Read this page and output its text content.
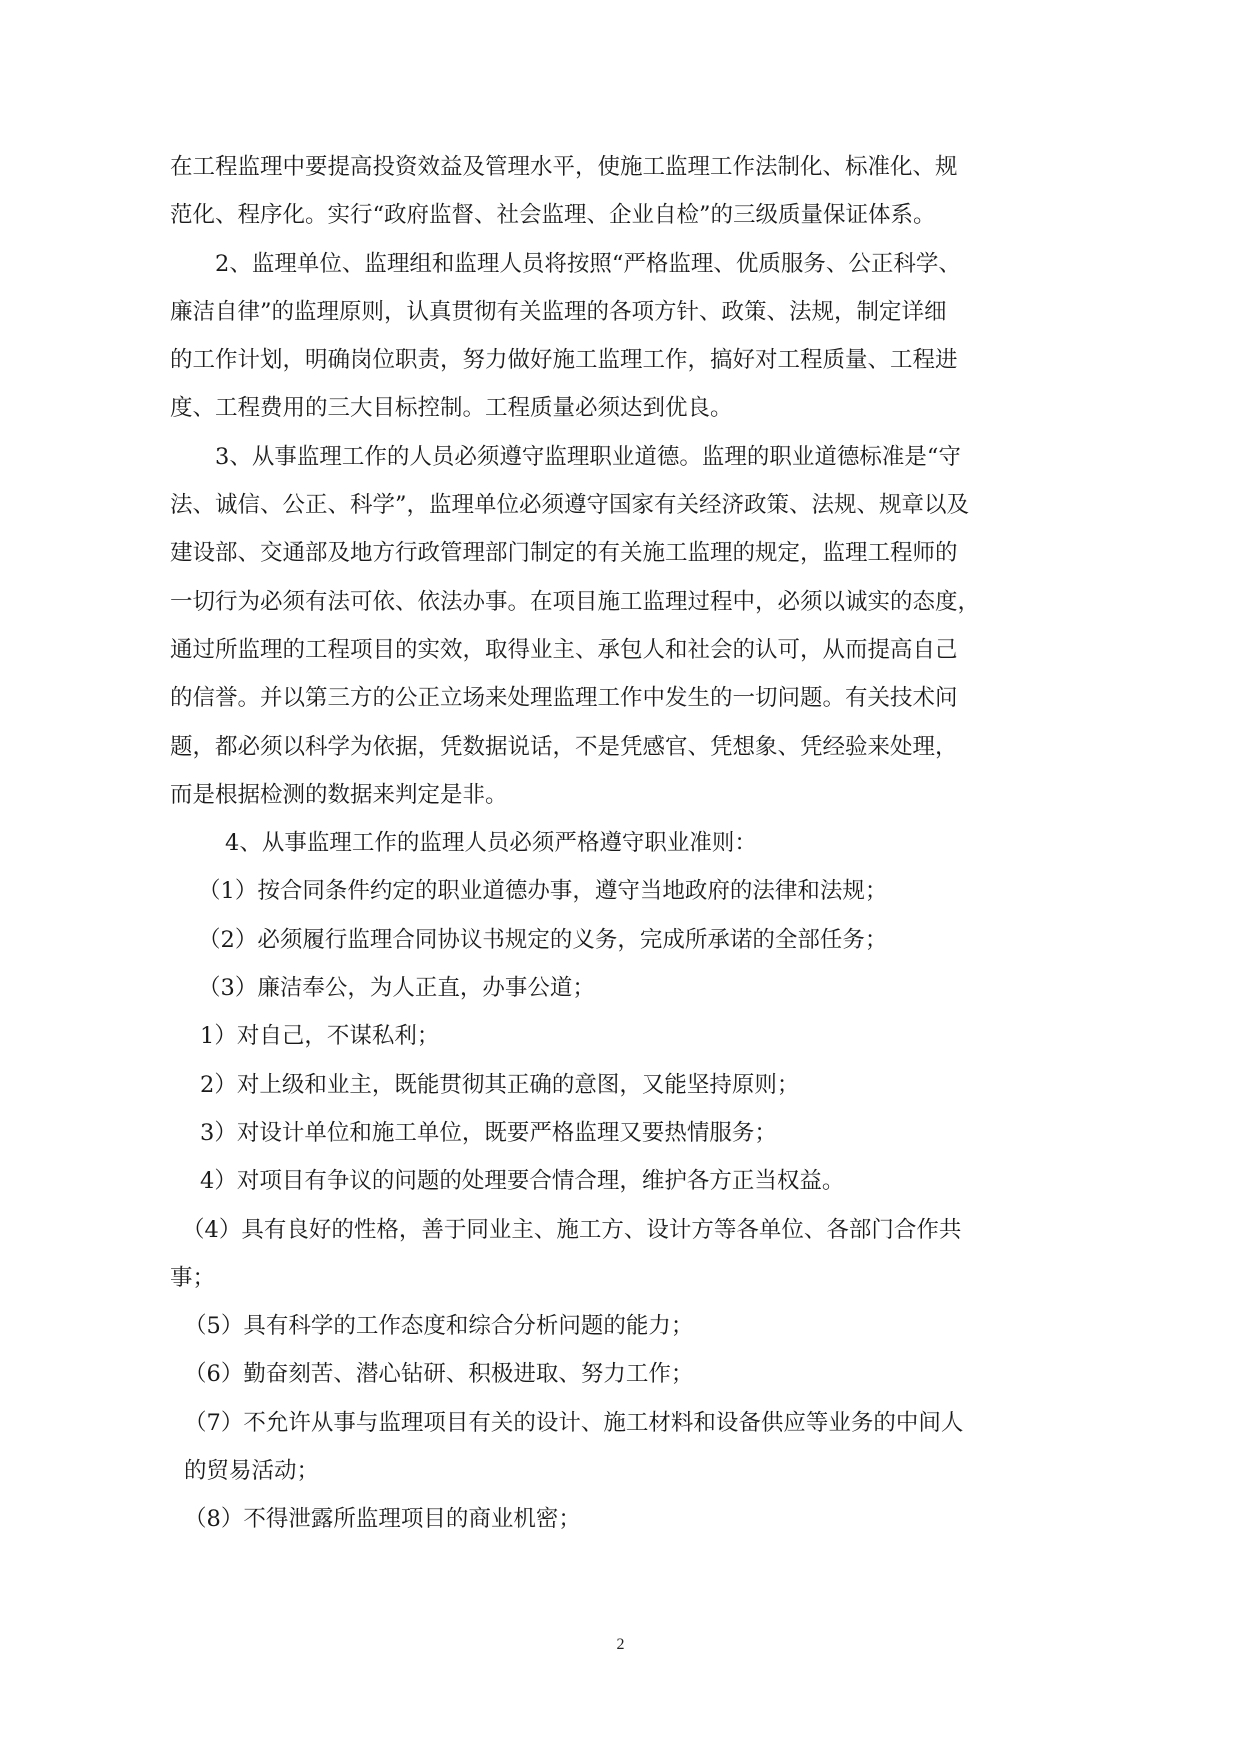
在工程监理中要提高投资效益及管理水平，使施工监理工作法制化、标准化、规
范化、程序化。实行“政府监督、社会监理、企业自检”的三级质量保证体系。
2、监理单位、监理组和监理人员将按照“严格监理、优质服务、公正科学、
廉洁自律”的监理原则，认真贯彻有关监理的各项方针、政策、法规，制定详细
的工作计划，明确岗位职责，努力做好施工监理工作，搞好对工程质量、工程进
度、工程费用的三大目标控制。工程质量必须达到优良。
3、从事监理工作的人员必须遵守监理职业道德。监理的职业道德标准是“守
法、诚信、公正、科学”，监理单位必须遵守国家有关经济政策、法规、规章以及
建设部、交通部及地方行政管理部门制定的有关施工监理的规定，监理工程师的
一切行为必须有法可依、依法办事。在项目施工监理过程中，必须以诚实的态度，
通过所监理的工程项目的实效，取得业主、承包人和社会的认可，从而提高自己
的信誉。并以第三方的公正立场来处理监理工作中发生的一切问题。有关技术问
题，都必须以科学为依据，凭数据说话，不是凭感官、凭想象、凭经验来处理，
而是根据检测的数据来判定是非。
4、从事监理工作的监理人员必须严格遵守职业准则：
（1）按合同条件约定的职业道德办事，遵守当地政府的法律和法规；
（2）必须履行监理合同协议书规定的义务，完成所承诺的全部任务；
（3）廉洁奉公，为人正直，办事公道；
1）对自己，不谋私利；
2）对上级和业主，既能贯彻其正确的意图，又能坚持原则；
3）对设计单位和施工单位，既要严格监理又要热情服务；
4）对项目有争议的问题的处理要合情合理，维护各方正当权益。
（4）具有良好的性格，善于同业主、施工方、设计方等各单位、各部门合作共
事；
（5）具有科学的工作态度和综合分析问题的能力；
（6）勤奋刻苦、潜心钻研、积极进取、努力工作；
（7）不允许从事与监理项目有关的设计、施工材料和设备供应等业务的中间人
的贸易活动；
（8）不得泄露所监理项目的商业机密；
2
